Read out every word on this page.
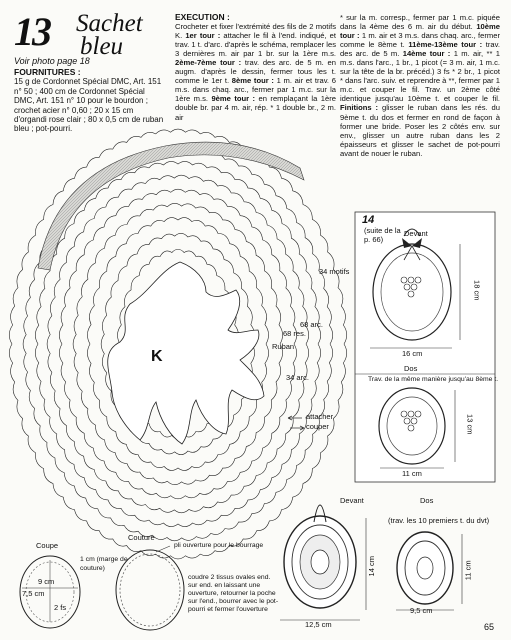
13 Sachet
bleu
Voir photo page 18
FOURNITURES :
15 g de Cordonnet Spécial DMC, Art. 151 n° 50 ; 400 cm de Cordonnet Spécial DMC, Art. 151 n° 10 pour le bourdon ; crochet acier n° 0,60 ; 20 x 15 cm d'organdi rose clair ; 80 x 0,5 cm de ruban bleu ; pot-pourri.
EXECUTION :
Crocheter et fixer l'extrémité des fils de 2 motifs K. 1er tour : attacher le fil à l'end. indiqué, et trav. 1 t. d'arc. d'après le schéma, remplacer les 3 dernières m. air par 1 br. sur la 1ère m.s. 2ème-7ème tour : trav. des arc. de 5 m. en augm. d'après le dessin, fermer tous les t. comme le 1er t. 8ème tour : 1 m. air et trav. 6 m.s. dans chaq. arc., fermer par 1 m.c. sur la 1ère m.s. 9ème tour : en remplaçant la 1ère double br. par 4 m. air, rép. * 1 double br., 2 m. air
* sur la m. corresp., fermer par 1 m.c. piquée dans la 4ème des 6 m. air du début. 10ème tour : 1 m. air et 3 m.s. dans chaq. arc., fermer comme le 8ème t. 11ème-13ème tour : trav. des arc. de 5 m. 14ème tour : 1 m. air, ** 1 m.s. dans l'arc., 1 br., 1 picot (= 3 m. air, 1 m.c. sur la tête de la br. précéd.) 3 fs * 2 br., 1 picot * dans l'arc. suiv. et reprendre à **, fermer par 1 m.c. et couper le fil. Trav. un 2ème côté identique jusqu'au 10ème t. et couper le fil. Finitions : glisser le ruban dans les rés. du 9ème t. du dos et fermer en rond de façon à former une bride. Poser les 2 côtés env. sur env., glisser un autre ruban dans les 2 épaisseurs et glisser le sachet de pot-pourri avant de nouer le ruban.
K
34 motifs
68 arc.
68 res.
Ruban
34 arc.
attacher
couper
14
(suite de la p. 66)
Devant
18 cm
16 cm
Dos
Trav. de la même manière jusqu'au 8ème t.
13 cm
11 cm
Devant
14 cm
12,5 cm
Dos
(trav. les 10 premiers t. du dvt)
11 cm
9,5 cm
Coupe
1 cm (marge de couture)
9 cm
7,5 cm
2 fs
Couture
pli ouverture pour le bourrage
coudre 2 tissus ovales end. sur end. en laissant une ouverture, retourner la poche sur l'end., bourrer avec le pot-pourri et fermer l'ouverture
65
